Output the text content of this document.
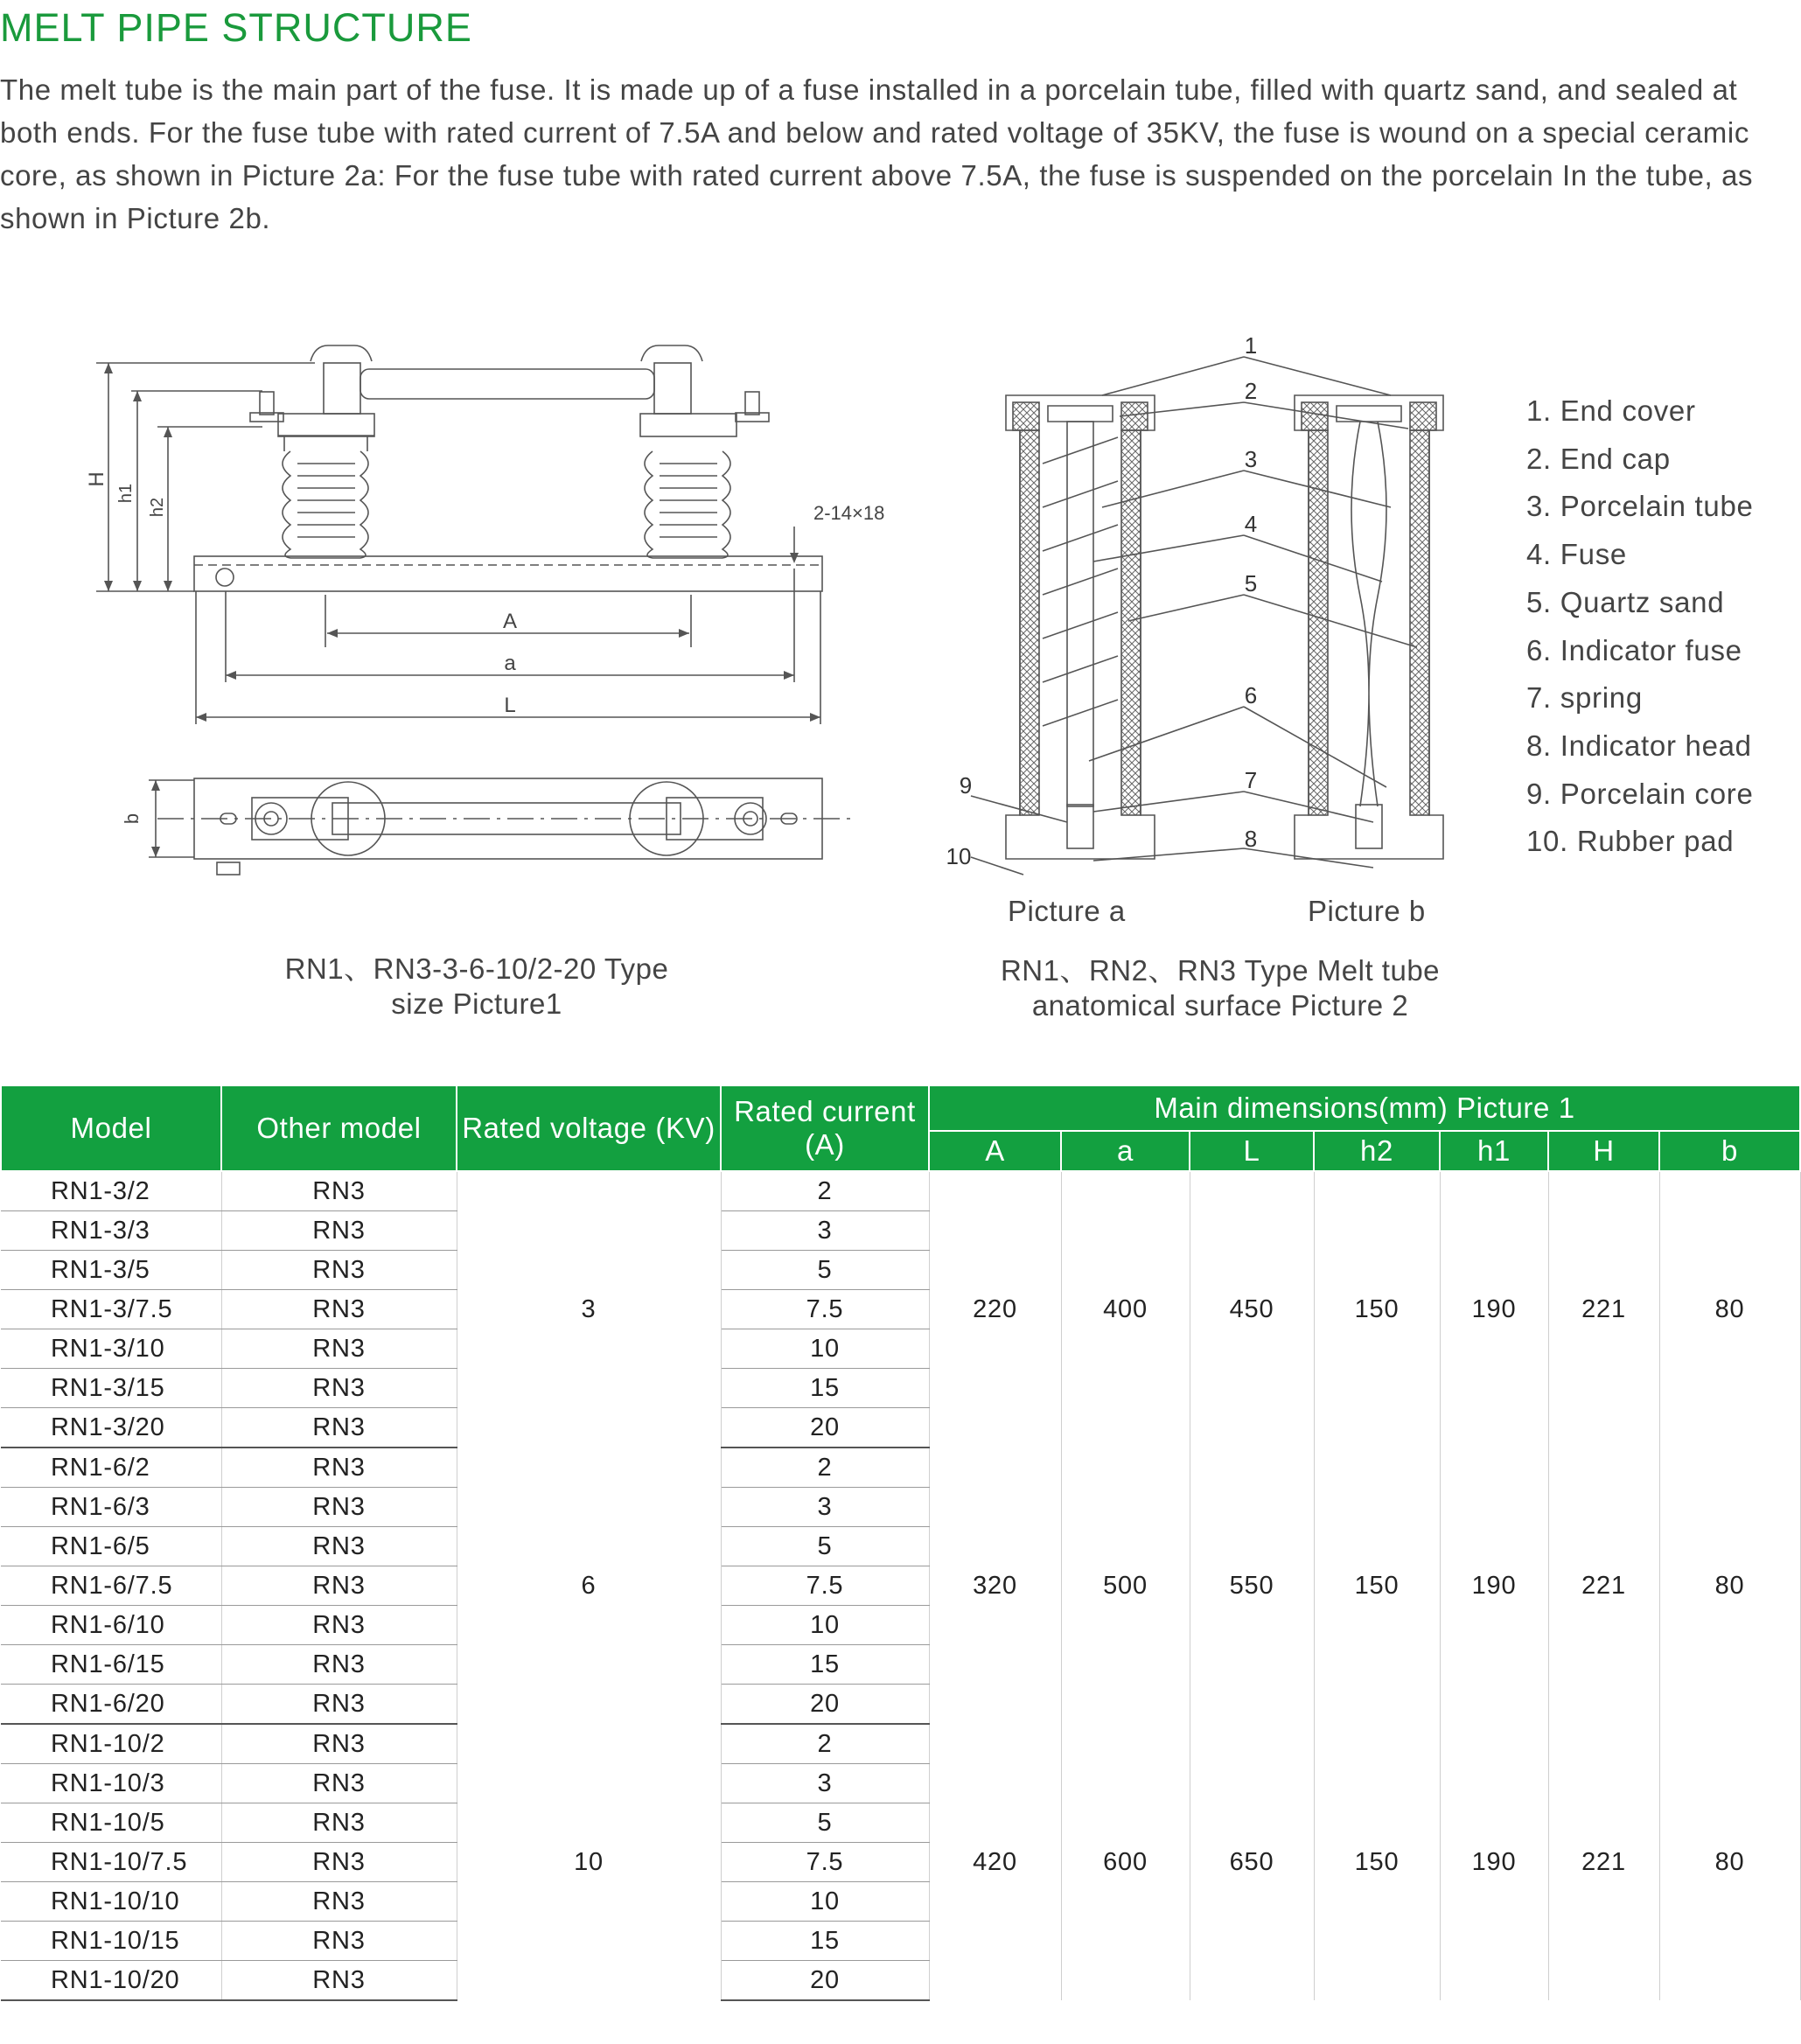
MELT PIPE STRUCTURE

The melt tube is the main part of the fuse. It is made up of a fuse installed in a porcelain tube, filled with quartz sand, and sealed at both ends. For the fuse tube with rated current of 7.5A and below and rated voltage of 35KV, the fuse is wound on a special ceramic core, as shown in Picture 2a: For the fuse tube with rated current above 7.5A, the fuse is suspended on the porcelain In the tube, as shown in Picture 2b.

H
h1
h2
A
a
L
b
2-14×18
RN1、RN3-3-6-10/2-20 Type
size Picture1
1
2
3
4
5
6
7
8
9
10
Picture a	Picture b
RN1、RN2、RN3 Type Melt tube
anatomical surface Picture 2
1. End cover
2. End cap
3. Porcelain tube
4. Fuse
5. Quartz sand
6. Indicator fuse
7. spring
8. Indicator head
9. Porcelain core
10. Rubber pad
Model	Other model	Rated voltage (KV)	Rated current (A)	Main dimensions(mm) Picture 1						
				A	a	L	h2	h1	H	b
RN1-3/2	RN3	3	2	220	400	450	150	190	221	80
RN1-3/3	RN3		3							
RN1-3/5	RN3		5							
RN1-3/7.5	RN3		7.5							
RN1-3/10	RN3		10							
RN1-3/15	RN3		15							
RN1-3/20	RN3		20							
RN1-6/2	RN3	6	2	320	500	550	150	190	221	80
RN1-6/3	RN3		3							
RN1-6/5	RN3		5							
RN1-6/7.5	RN3		7.5							
RN1-6/10	RN3		10							
RN1-6/15	RN3		15							
RN1-6/20	RN3		20							
RN1-10/2	RN3	10	2	420	600	650	150	190	221	80
RN1-10/3	RN3		3							
RN1-10/5	RN3		5							
RN1-10/7.5	RN3		7.5							
RN1-10/10	RN3		10							
RN1-10/15	RN3		15							
RN1-10/20	RN3		20							
